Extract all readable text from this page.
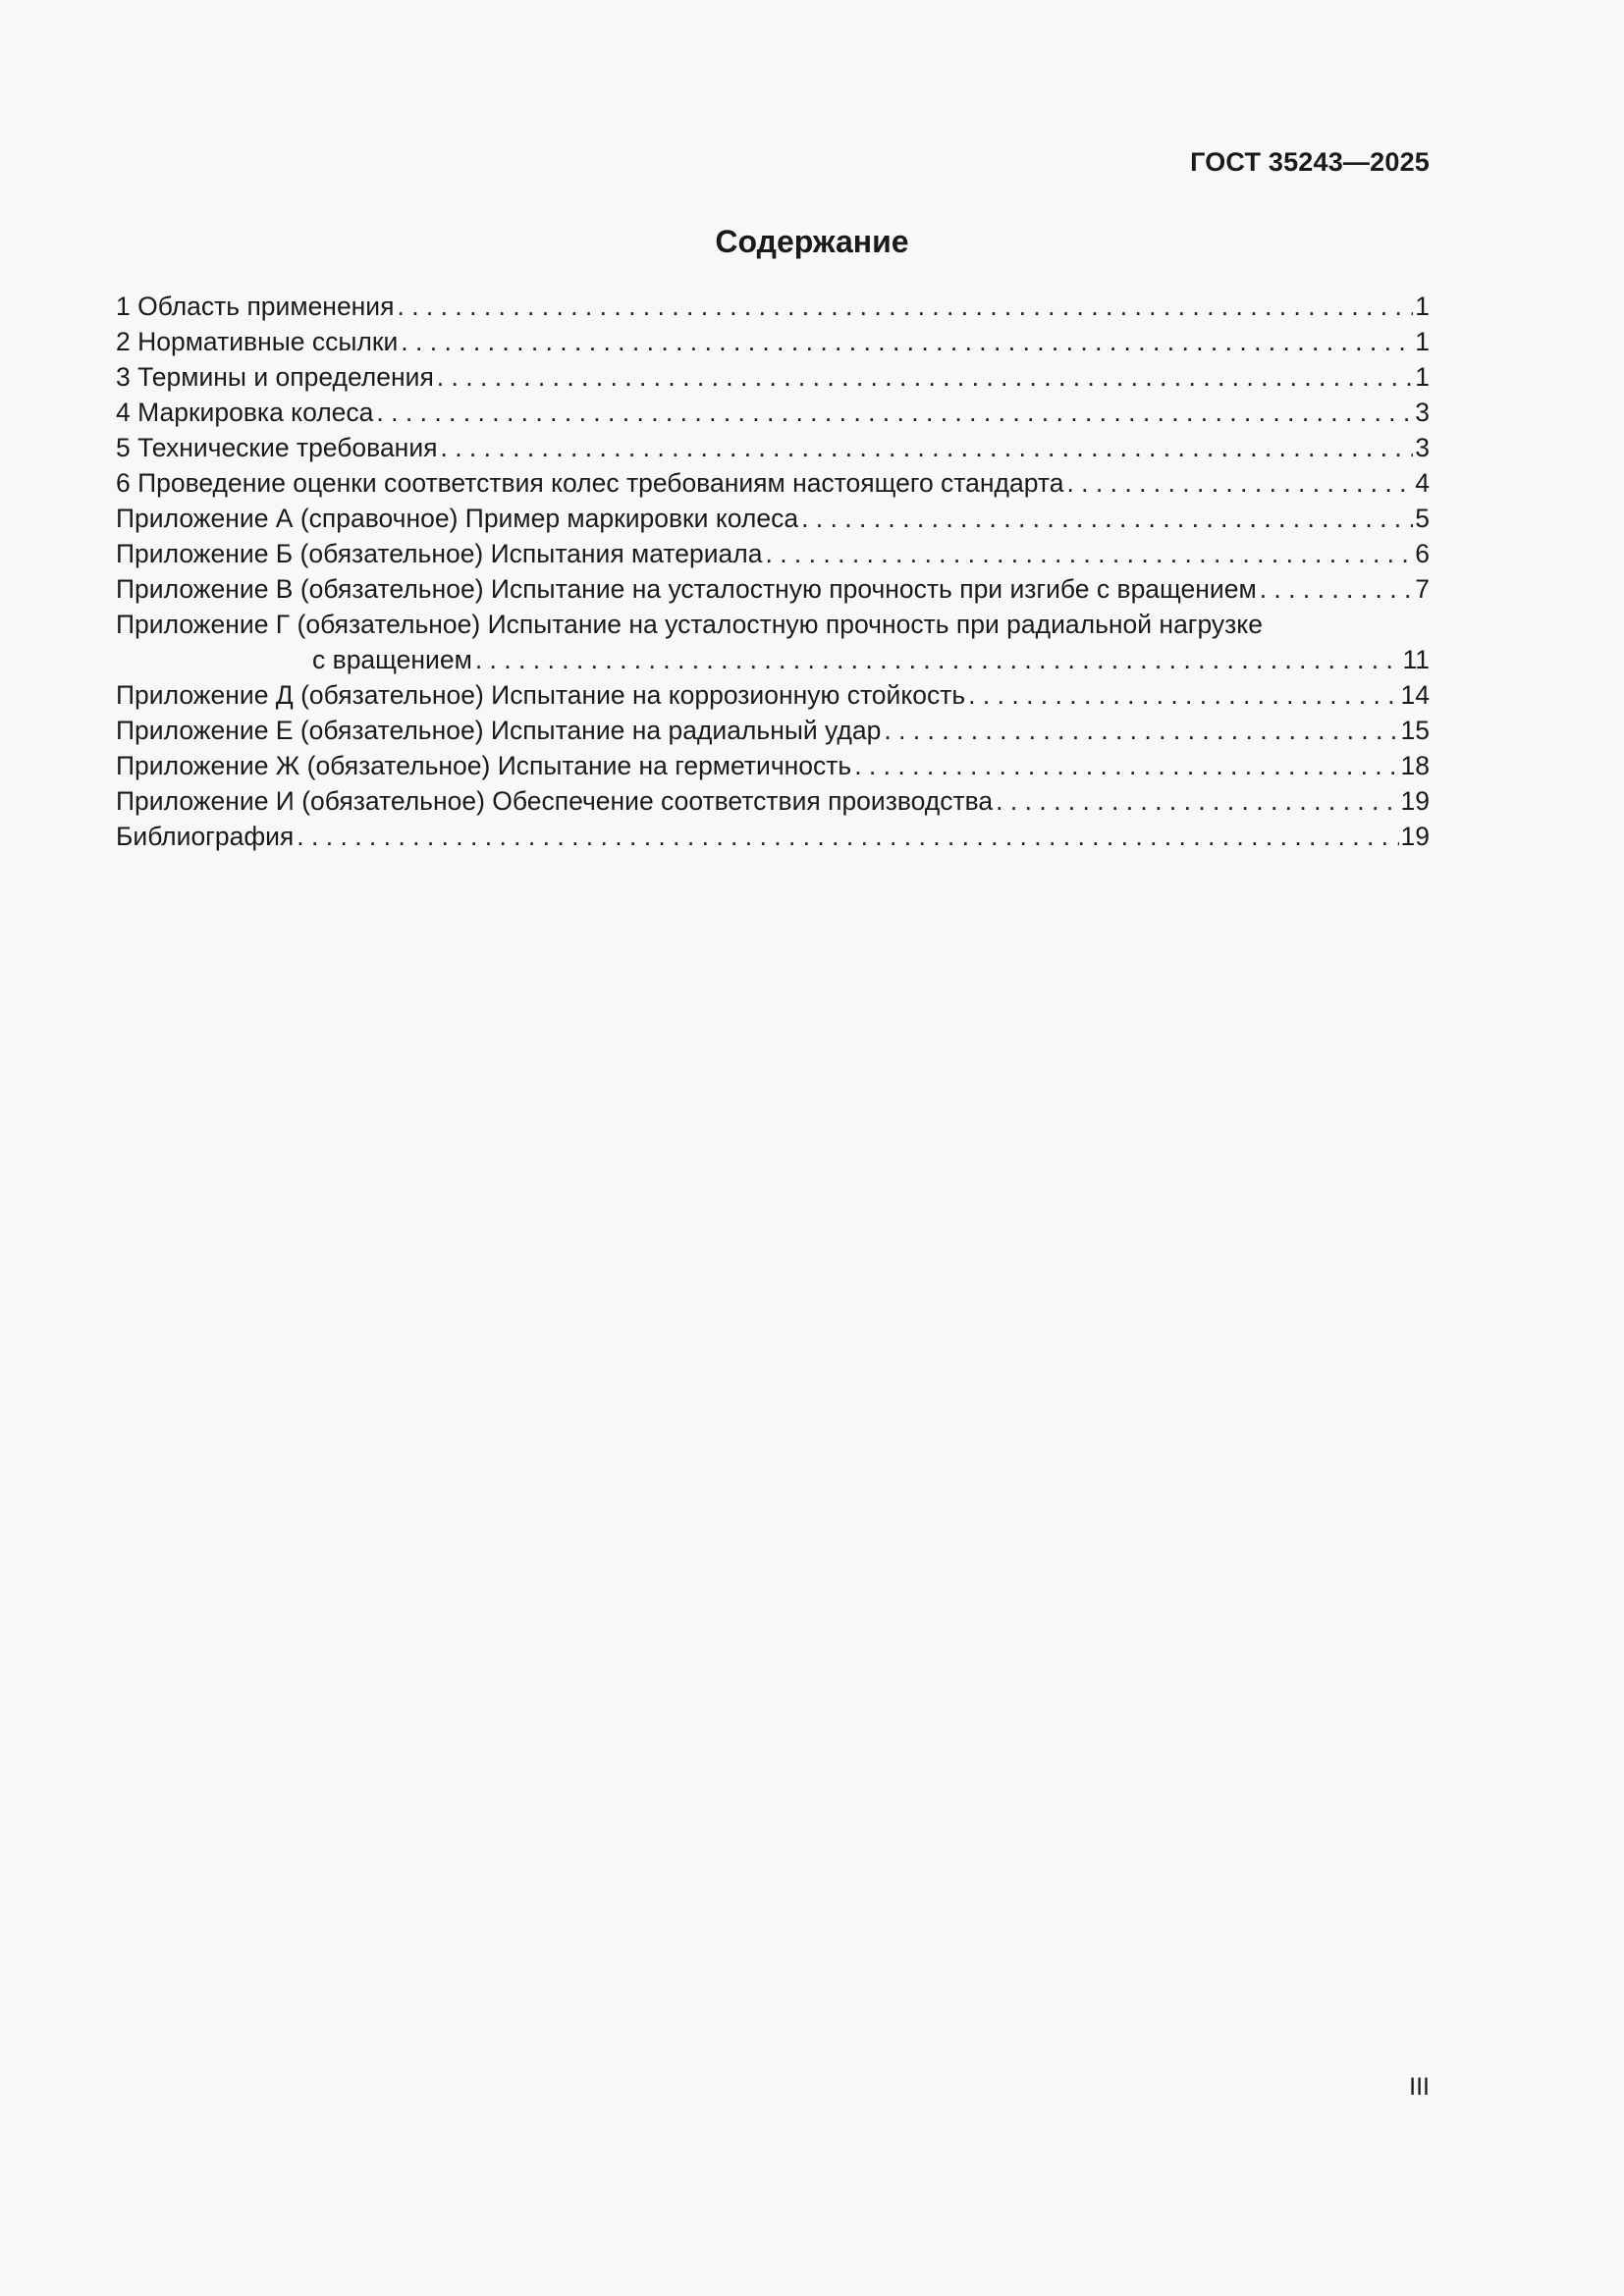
ГОСТ 35243—2025
Содержание
1 Область применения . . .	1
2 Нормативные ссылки . . .	1
3 Термины и определения . . .	1
4 Маркировка колеса . . .	3
5 Технические требования . . .	3
6 Проведение оценки соответствия колес требованиям настоящего стандарта . . .	4
Приложение А (справочное) Пример маркировки колеса . . .	5
Приложение Б (обязательное) Испытания материала . . .	6
Приложение В (обязательное) Испытание на усталостную прочность при изгибе с вращением . . .	7
Приложение Г (обязательное) Испытание на усталостную прочность при радиальной нагрузке
с вращением . . .	11
Приложение Д (обязательное) Испытание на коррозионную стойкость . . .	14
Приложение Е (обязательное) Испытание на радиальный удар . . .	15
Приложение Ж (обязательное) Испытание на герметичность . . .	18
Приложение И (обязательное) Обеспечение соответствия производства . . .	19
Библиография . . .	19
III
